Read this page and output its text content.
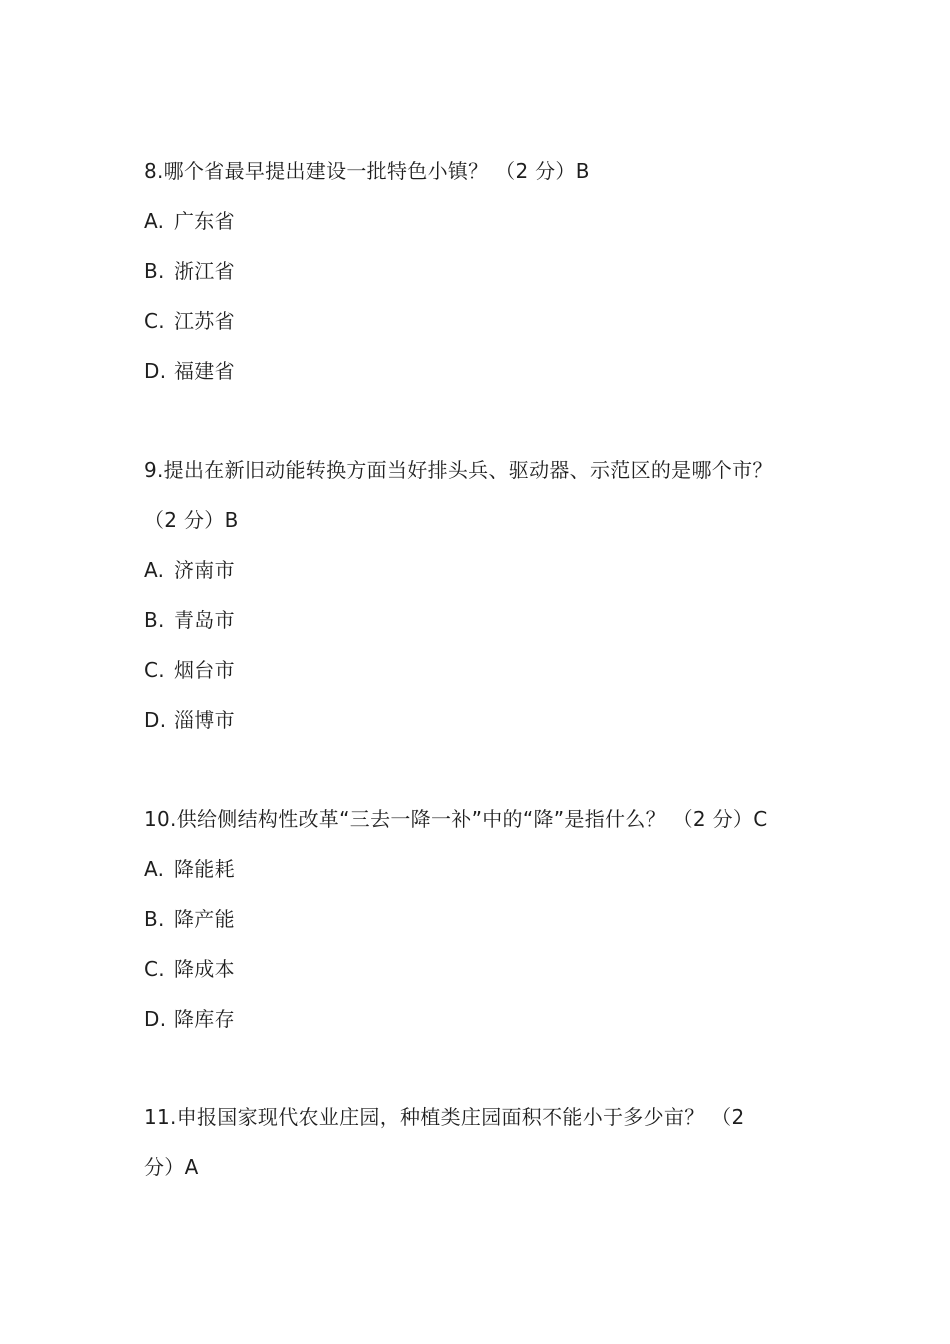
8.哪个省最早提出建设一批特色小镇？ （2 分）B
A. 广东省
B. 浙江省
C. 江苏省
D. 福建省
9.提出在新旧动能转换方面当好排头兵、驱动器、示范区的是哪个市？
（2 分）B
A. 济南市
B. 青岛市
C. 烟台市
D. 淄博市
10.供给侧结构性改革“三去一降一补”中的“降”是指什么？ （2 分）C
A. 降能耗
B. 降产能
C. 降成本
D. 降库存
11.申报国家现代农业庄园，种植类庄园面积不能小于多少亩？ （2
分）A
